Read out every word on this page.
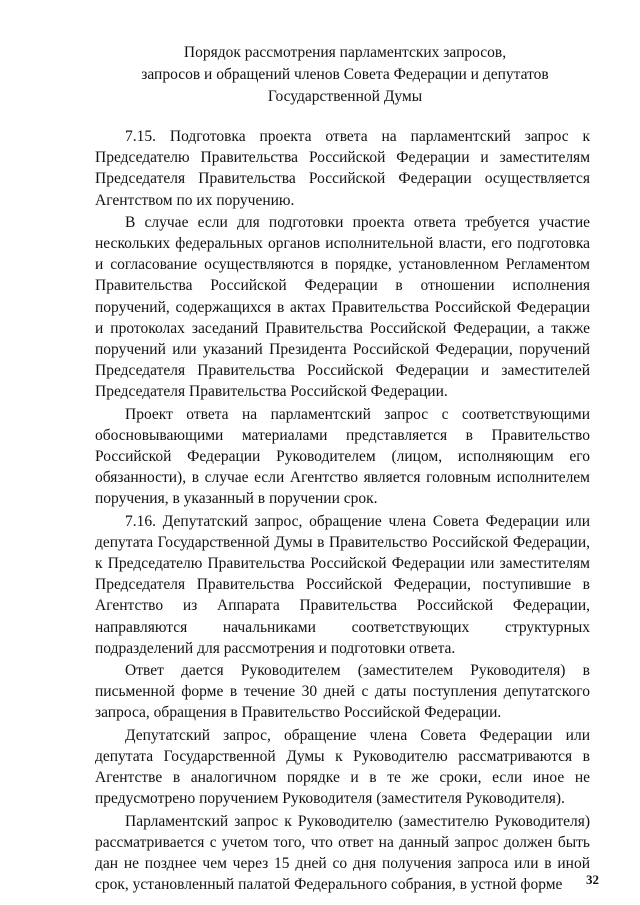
Порядок рассмотрения парламентских запросов,
запросов и обращений членов Совета Федерации и депутатов
Государственной Думы

7.15. Подготовка проекта ответа на парламентский запрос к Председателю Правительства Российской Федерации и заместителям Председателя Правительства Российской Федерации осуществляется Агентством по их поручению.

В случае если для подготовки проекта ответа требуется участие нескольких федеральных органов исполнительной власти, его подготовка и согласование осуществляются в порядке, установленном Регламентом Правительства Российской Федерации в отношении исполнения поручений, содержащихся в актах Правительства Российской Федерации и протоколах заседаний Правительства Российской Федерации, а также поручений или указаний Президента Российской Федерации, поручений Председателя Правительства Российской Федерации и заместителей Председателя Правительства Российской Федерации.

Проект ответа на парламентский запрос с соответствующими обосновывающими материалами представляется в Правительство Российской Федерации Руководителем (лицом, исполняющим его обязанности), в случае если Агентство является головным исполнителем поручения, в указанный в поручении срок.

7.16. Депутатский запрос, обращение члена Совета Федерации или депутата Государственной Думы в Правительство Российской Федерации, к Председателю Правительства Российской Федерации или заместителям Председателя Правительства Российской Федерации, поступившие в Агентство из Аппарата Правительства Российской Федерации, направляются начальниками соответствующих структурных подразделений для рассмотрения и подготовки ответа.

Ответ дается Руководителем (заместителем Руководителя) в письменной форме в течение 30 дней с даты поступления депутатского запроса, обращения в Правительство Российской Федерации.

Депутатский запрос, обращение члена Совета Федерации или депутата Государственной Думы к Руководителю рассматриваются в Агентстве в аналогичном порядке и в те же сроки, если иное не предусмотрено поручением Руководителя (заместителя Руководителя).

Парламентский запрос к Руководителю (заместителю Руководителя) рассматривается с учетом того, что ответ на данный запрос должен быть дан не позднее чем через 15 дней со дня получения запроса или в иной срок, установленный палатой Федерального собрания, в устной форме	32
